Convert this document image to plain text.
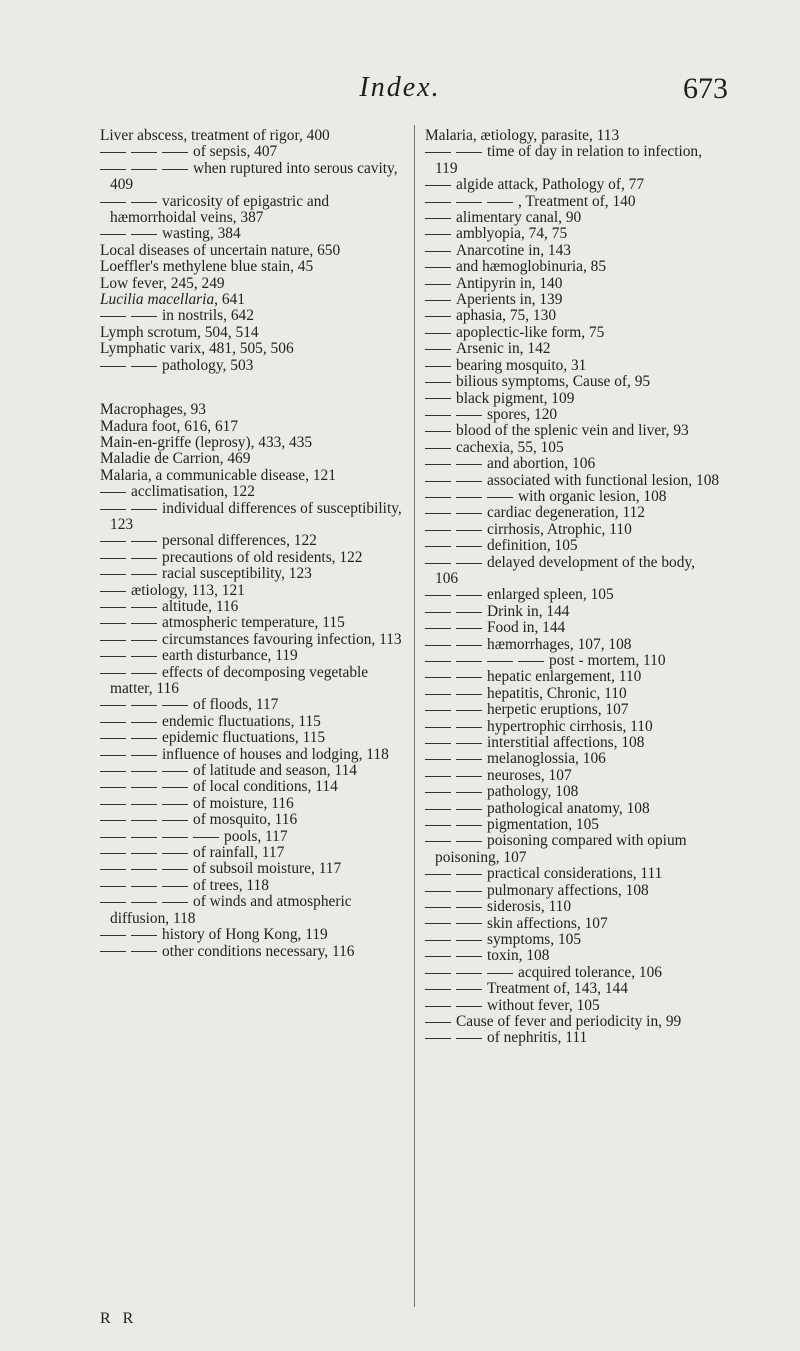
Index.	673
Liver abscess, treatment of rigor, 400
of sepsis, 407
when ruptured into serous cavity, 409
varicosity of epigastric and hæmorrhoidal veins, 387
wasting, 384
Local diseases of uncertain nature, 650
Loeffler's methylene blue stain, 45
Low fever, 245, 249
Lucilia macellaria, 641
in nostrils, 642
Lymph scrotum, 504, 514
Lymphatic varix, 481, 505, 506
pathology, 503
Macrophages, 93
Madura foot, 616, 617
Main-en-griffe (leprosy), 433, 435
Maladie de Carrion, 469
Malaria, a communicable disease, 121
acclimatisation, 122
individual differences of susceptibility, 123
personal differences, 122
precautions of old residents, 122
racial susceptibility, 123
ætiology, 113, 121
altitude, 116
atmospheric temperature, 115
circumstances favouring infection, 113
earth disturbance, 119
effects of decomposing vegetable matter, 116
of floods, 117
endemic fluctuations, 115
epidemic fluctuations, 115
influence of houses and lodging, 118
of latitude and season, 114
of local conditions, 114
of moisture, 116
of mosquito, 116
pools, 117
of rainfall, 117
of subsoil moisture, 117
of trees, 118
of winds and atmospheric diffusion, 118
history of Hong Kong, 119
other conditions necessary, 116
Malaria, ætiology, parasite, 113
time of day in relation to infection, 119
algide attack, Pathology of, 77
, Treatment of, 140
alimentary canal, 90
amblyopia, 74, 75
Anarcotine in, 143
and hæmoglobinuria, 85
Antipyrin in, 140
Aperients in, 139
aphasia, 75, 130
apoplectic-like form, 75
Arsenic in, 142
bearing mosquito, 31
bilious symptoms, Cause of, 95
black pigment, 109
spores, 120
blood of the splenic vein and liver, 93
cachexia, 55, 105
and abortion, 106
associated with functional lesion, 108
with organic lesion, 108
cardiac degeneration, 112
cirrhosis, Atrophic, 110
definition, 105
delayed development of the body, 106
enlarged spleen, 105
Drink in, 144
Food in, 144
hæmorrhages, 107, 108
post - mortem, 110
hepatic enlargement, 110
hepatitis, Chronic, 110
herpetic eruptions, 107
hypertrophic cirrhosis, 110
interstitial affections, 108
melanoglossia, 106
neuroses, 107
pathology, 108
pathological anatomy, 108
pigmentation, 105
poisoning compared with opium poisoning, 107
practical considerations, 111
pulmonary affections, 108
siderosis, 110
skin affections, 107
symptoms, 105
toxin, 108
acquired tolerance, 106
Treatment of, 143, 144
without fever, 105
Cause of fever and periodicity in, 99
of nephritis, 111
R R
